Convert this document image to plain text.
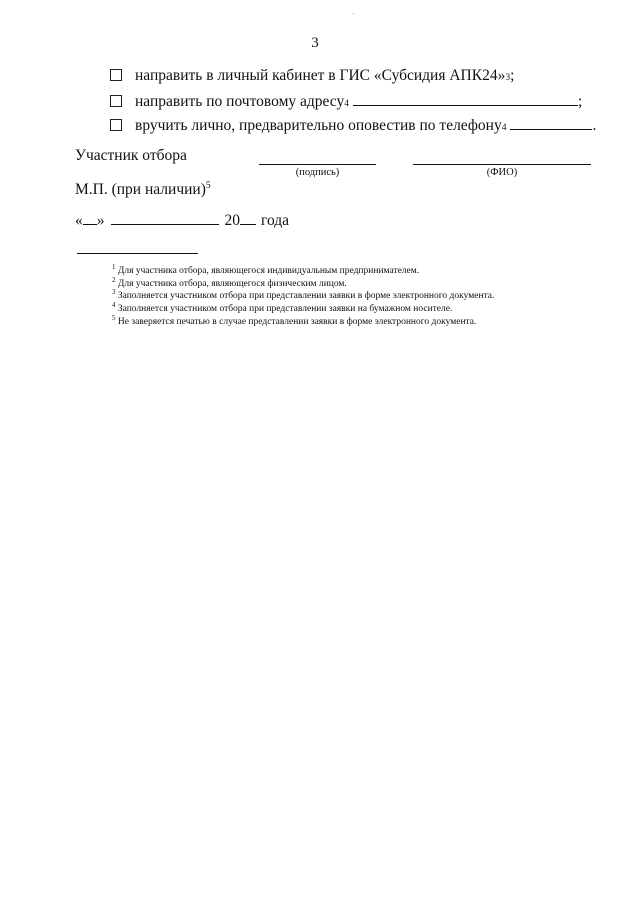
3
направить в личный кабинет в ГИС «Субсидия АПК24» 3 ;
направить по почтовому адресу 4	;
вручить лично, предварительно оповестив по телефону 4	.
Участник отбора
(подпись)	(ФИО)
М.П. (при наличии)$^5$
« »	20 года
$^1$ Для участника отбора, являющегося индивидуальным предпринимателем.
$^2$ Для участника отбора, являющегося физическим лицом.
$^3$ Заполняется участником отбора при представлении заявки в форме электронного документа.
$^4$ Заполняется участником отбора при представлении заявки на бумажном носителе.
$^5$ Не заверяется печатью в случае представлении заявки в форме электронного документа.
